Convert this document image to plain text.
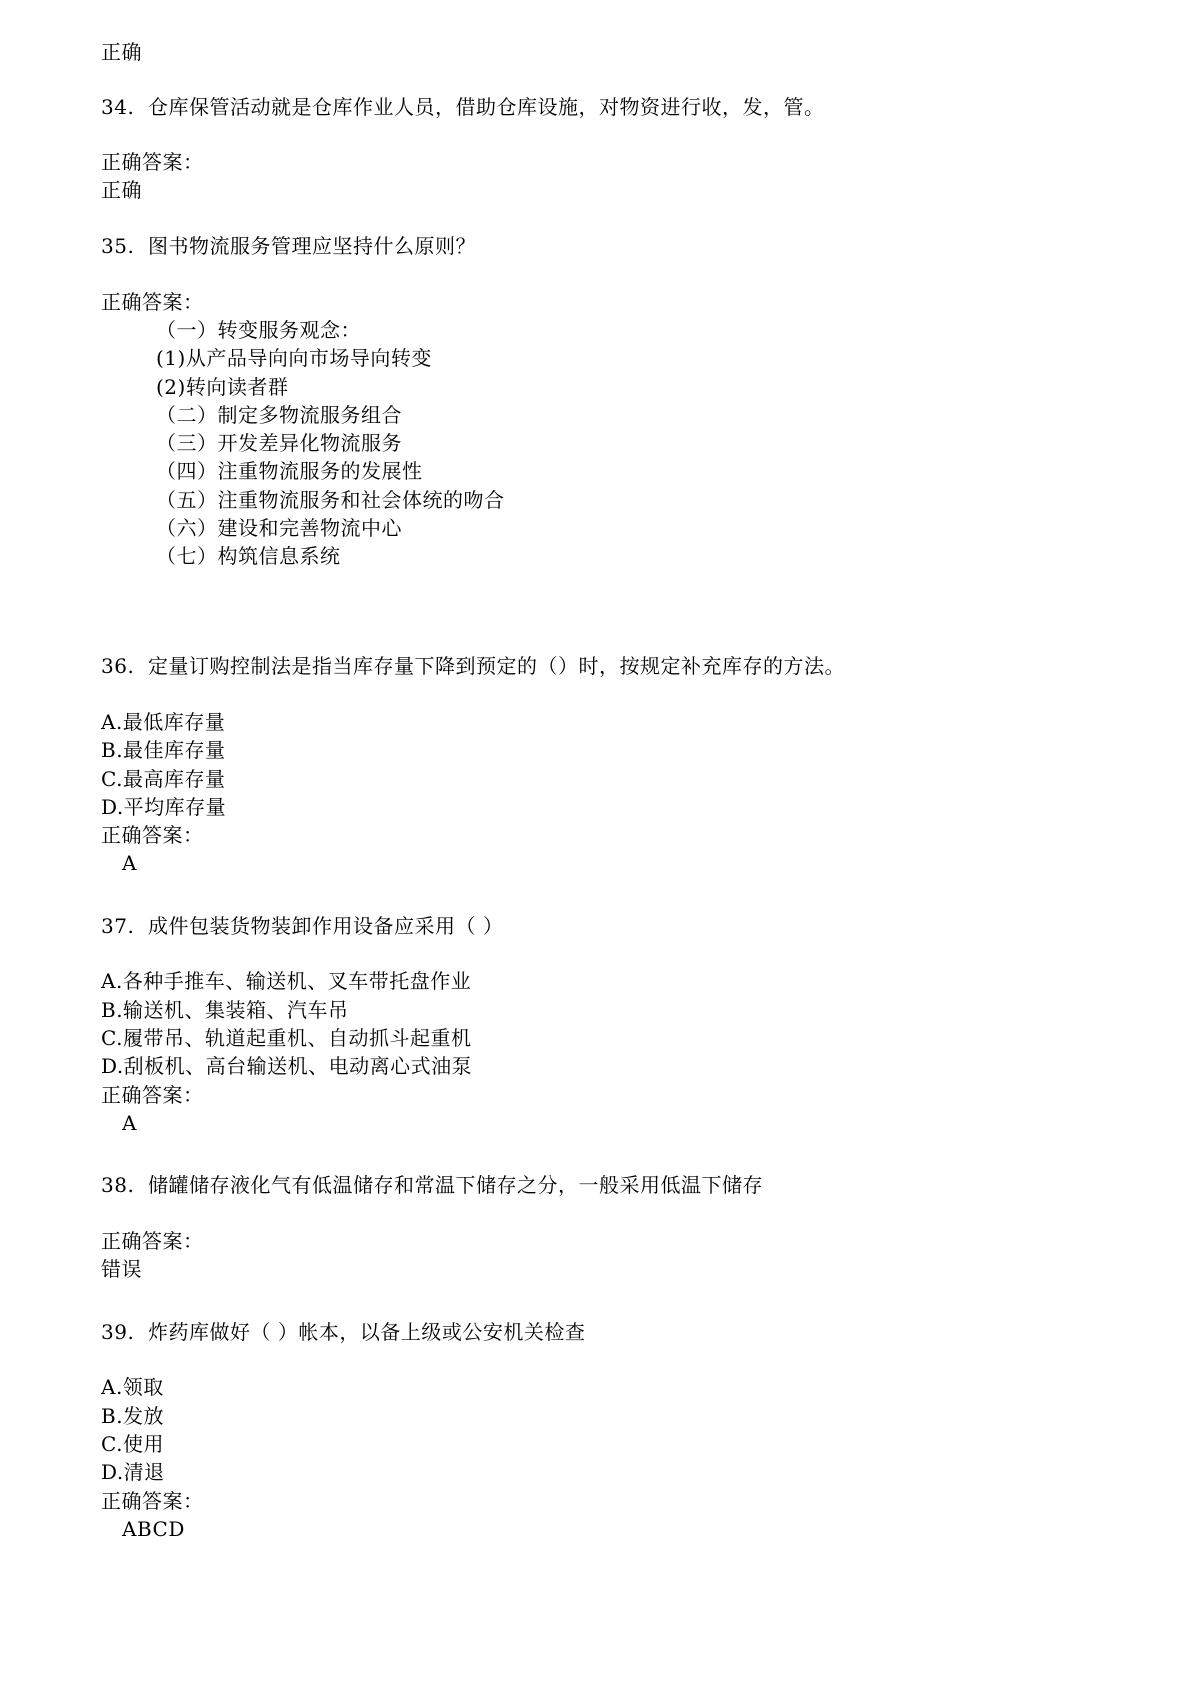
正确
34. 仓库保管活动就是仓库作业人员，借助仓库设施，对物资进行收，发，管。
正确答案：
正确
35. 图书物流服务管理应坚持什么原则？
正确答案：
（一）转变服务观念：
(1)从产品导向向市场导向转变
(2)转向读者群
（二）制定多物流服务组合
（三）开发差异化物流服务
（四）注重物流服务的发展性
（五）注重物流服务和社会体统的吻合
（六）建设和完善物流中心
（七）构筑信息系统
36. 定量订购控制法是指当库存量下降到预定的（）时，按规定补充库存的方法。
A.最低库存量
B.最佳库存量
C.最高库存量
D.平均库存量
正确答案：
A
37. 成件包装货物装卸作用设备应采用（ ）
A.各种手推车、输送机、叉车带托盘作业
B.输送机、集装箱、汽车吊
C.履带吊、轨道起重机、自动抓斗起重机
D.刮板机、高台输送机、电动离心式油泵
正确答案：
A
38. 储罐储存液化气有低温储存和常温下储存之分，一般采用低温下储存
正确答案：
错误
39. 炸药库做好（ ）帐本，以备上级或公安机关检查
A.领取
B.发放
C.使用
D.清退
正确答案：
ABCD
